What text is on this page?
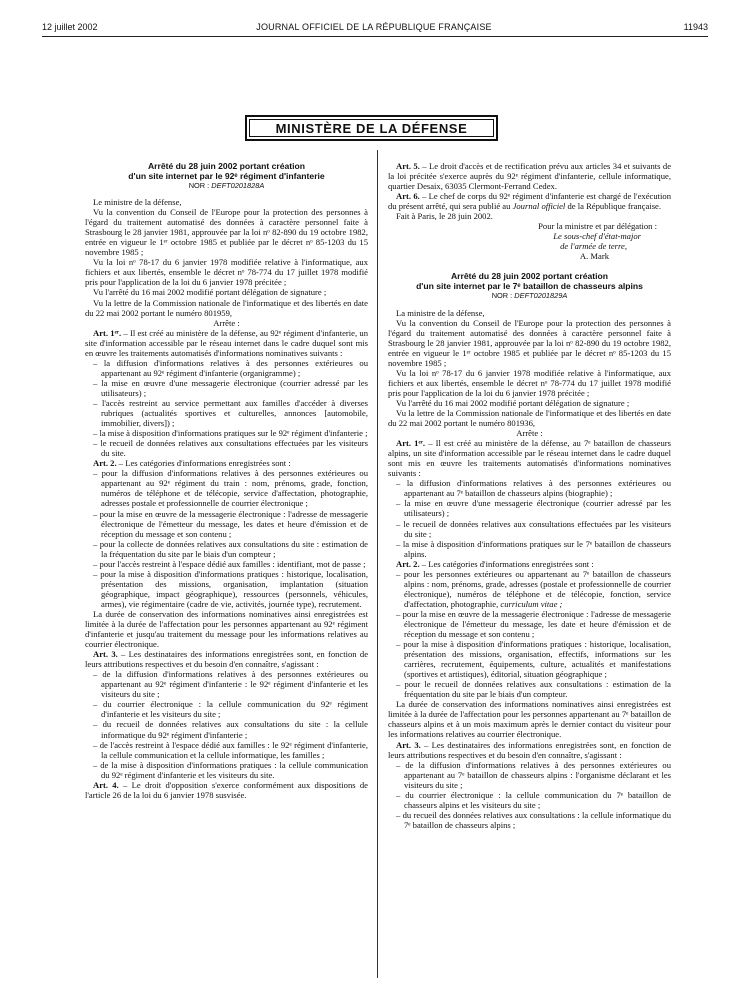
12 juillet 2002	JOURNAL OFFICIEL DE LA RÉPUBLIQUE FRANÇAISE	11943
MINISTÈRE DE LA DÉFENSE
Arrêté du 28 juin 2002 portant création
d'un site internet par le 92ᵉ régiment d'infanterie
NOR : DEFT0201828A

Le ministre de la défense,

Vu la convention du Conseil de l'Europe pour la protection des personnes à l'égard du traitement automatisé des données à caractère personnel faite à Strasbourg le 28 janvier 1981, approuvée par la loi nᵒ 82-890 du 19 octobre 1982, entrée en vigueur le 1ᵉʳ octobre 1985 et publiée par le décret nᵒ 85-1203 du 15 novembre 1985 ;

Vu la loi nᵒ 78-17 du 6 janvier 1978 modifiée relative à l'informatique, aux fichiers et aux libertés, ensemble le décret nᵒ 78-774 du 17 juillet 1978 modifié pris pour l'application de la loi du 6 janvier 1978 précitée ;

Vu l'arrêté du 16 mai 2002 modifié portant délégation de signature ;

Vu la lettre de la Commission nationale de l'informatique et des libertés en date du 22 mai 2002 portant le numéro 801959,

Arrête :

Art. 1ᵉʳ. – Il est créé au ministère de la défense, au 92ᵉ régiment d'infanterie, un site d'information accessible par le réseau internet dans le cadre duquel sont mis en œuvre les traitements automatisés d'informations nominatives suivants :

– la diffusion d'informations relatives à des personnes extérieures ou appartenant au 92ᵉ régiment d'infanterie (organigramme) ;
– la mise en œuvre d'une messagerie électronique (courrier adressé par les utilisateurs) ;
– l'accès restreint au service permettant aux familles d'accéder à diverses rubriques (actualités sportives et culturelles, annonces [automobile, immobilier, divers]) ;
– la mise à disposition d'informations pratiques sur le 92ᵉ régiment d'infanterie ;
– le recueil de données relatives aux consultations effectuées par les visiteurs du site.

Art. 2. – Les catégories d'informations enregistrées sont :

– pour la diffusion d'informations relatives à des personnes extérieures ou appartenant au 92ᵉ régiment du train : nom, prénoms, grade, fonction, numéros de téléphone et de télécopie, service d'affectation, photographie, adresses postale et professionnelle de courrier électronique ;
– pour la mise en œuvre de la messagerie électronique : l'adresse de messagerie électronique de l'émetteur du message, les dates et heure d'émission et de réception du message et son contenu ;
– pour la collecte de données relatives aux consultations du site : estimation de la fréquentation du site par le biais d'un compteur ;
– pour l'accès restreint à l'espace dédié aux familles : identifiant, mot de passe ;
– pour la mise à disposition d'informations pratiques : historique, localisation, présentation des missions, organisation, implantation (situation géographique, impact géographique), ressources (personnels, véhicules, armes), vie régimentaire (cadre de vie, activités, journée type), recrutement.

La durée de conservation des informations nominatives ainsi enregistrées est limitée à la durée de l'affectation pour les personnes appartenant au 92ᵉ régiment d'infanterie et jusqu'au traitement du message pour les informations relatives au courrier électronique.

Art. 3. – Les destinataires des informations enregistrées sont, en fonction de leurs attributions respectives et du besoin d'en connaître, s'agissant :

– de la diffusion d'informations relatives à des personnes extérieures ou appartenant au 92ᵉ régiment d'infanterie : le 92ᵉ régiment d'infanterie et les visiteurs du site ;
– du courrier électronique : la cellule communication du 92ᵉ régiment d'infanterie et les visiteurs du site ;
– du recueil de données relatives aux consultations du site : la cellule informatique du 92ᵉ régiment d'infanterie ;
– de l'accès restreint à l'espace dédié aux familles : le 92ᵉ régiment d'infanterie, la cellule communication et la cellule informatique, les familles ;
– de la mise à disposition d'informations pratiques : la cellule communication du 92ᵉ régiment d'infanterie et les visiteurs du site.

Art. 4. – Le droit d'opposition s'exerce conformément aux dispositions de l'article 26 de la loi du 6 janvier 1978 susvisée.

Art. 5. – Le droit d'accès et de rectification prévu aux articles 34 et suivants de la loi précitée s'exerce auprès du 92ᵉ régiment d'infanterie, cellule informatique, quartier Desaix, 63035 Clermont-Ferrand Cedex.

Art. 6. – Le chef de corps du 92ᵉ régiment d'infanterie est chargé de l'exécution du présent arrêté, qui sera publié au Journal officiel de la République française.

Fait à Paris, le 28 juin 2002.

Pour la ministre et par délégation :

Le sous-chef d'état-major

de l'armée de terre,

A. Mark

Arrêté du 28 juin 2002 portant création
d'un site internet par le 7ᵉ bataillon de chasseurs alpins
NOR : DEFT0201829A

La ministre de la défense,

Vu la convention du Conseil de l'Europe pour la protection des personnes à l'égard du traitement automatisé des données à caractère personnel faite à Strasbourg le 28 janvier 1981, approuvée par la loi nᵒ 82-890 du 19 octobre 1982, entrée en vigueur le 1ᵉʳ octobre 1985 et publiée par le décret nᵒ 85-1203 du 15 novembre 1985 ;

Vu la loi nᵒ 78-17 du 6 janvier 1978 modifiée relative à l'informatique, aux fichiers et aux libertés, ensemble le décret nᵒ 78-774 du 17 juillet 1978 modifié pris pour l'application de la loi du 6 janvier 1978 précitée ;

Vu l'arrêté du 16 mai 2002 modifié portant délégation de signature ;

Vu la lettre de la Commission nationale de l'informatique et des libertés en date du 22 mai 2002 portant le numéro 801936,

Arrête :

Art. 1ᵉʳ. – Il est créé au ministère de la défense, au 7ᵉ bataillon de chasseurs alpins, un site d'information accessible par le réseau internet dans le cadre duquel sont mis en œuvre les traitements automatisés d'informations nominatives suivants :

– la diffusion d'informations relatives à des personnes extérieures ou appartenant au 7ᵉ bataillon de chasseurs alpins (biographie) ;
– la mise en œuvre d'une messagerie électronique (courrier adressé par les utilisateurs) ;
– le recueil de données relatives aux consultations effectuées par les visiteurs du site ;
– la mise à disposition d'informations pratiques sur le 7ᵉ bataillon de chasseurs alpins.

Art. 2. – Les catégories d'informations enregistrées sont :

– pour les personnes extérieures ou appartenant au 7ᵉ bataillon de chasseurs alpins : nom, prénoms, grade, adresses (postale et professionnelle de courrier électronique), numéros de téléphone et de télécopie, fonction, service d'affectation, photographie, curriculum vitae ;
– pour la mise en œuvre de la messagerie électronique : l'adresse de messagerie électronique de l'émetteur du message, les date et heure d'émission et de réception du message et son contenu ;
– pour la mise à disposition d'informations pratiques : historique, localisation, présentation des missions, organisation, effectifs, informations sur les carrières, recrutement, équipements, culture, actualités et manifestations (sportives et artistiques), éditorial, situation géographique ;
– pour le recueil de données relatives aux consultations : estimation de la fréquentation du site par le biais d'un compteur.

La durée de conservation des informations nominatives ainsi enregistrées est limitée à la durée de l'affectation pour les personnes appartenant au 7ᵉ bataillon de chasseurs alpins et à un mois maximum après le dernier contact du visiteur pour les informations relatives au courrier électronique.

Art. 3. – Les destinataires des informations enregistrées sont, en fonction de leurs attributions respectives et du besoin d'en connaître, s'agissant :

– de la diffusion d'informations relatives à des personnes extérieures ou appartenant au 7ᵉ bataillon de chasseurs alpins : l'organisme déclarant et les visiteurs du site ;
– du courrier électronique : la cellule communication du 7ᵉ bataillon de chasseurs alpins et les visiteurs du site ;
– du recueil des données relatives aux consultations : la cellule informatique du 7ᵉ bataillon de chasseurs alpins ;
